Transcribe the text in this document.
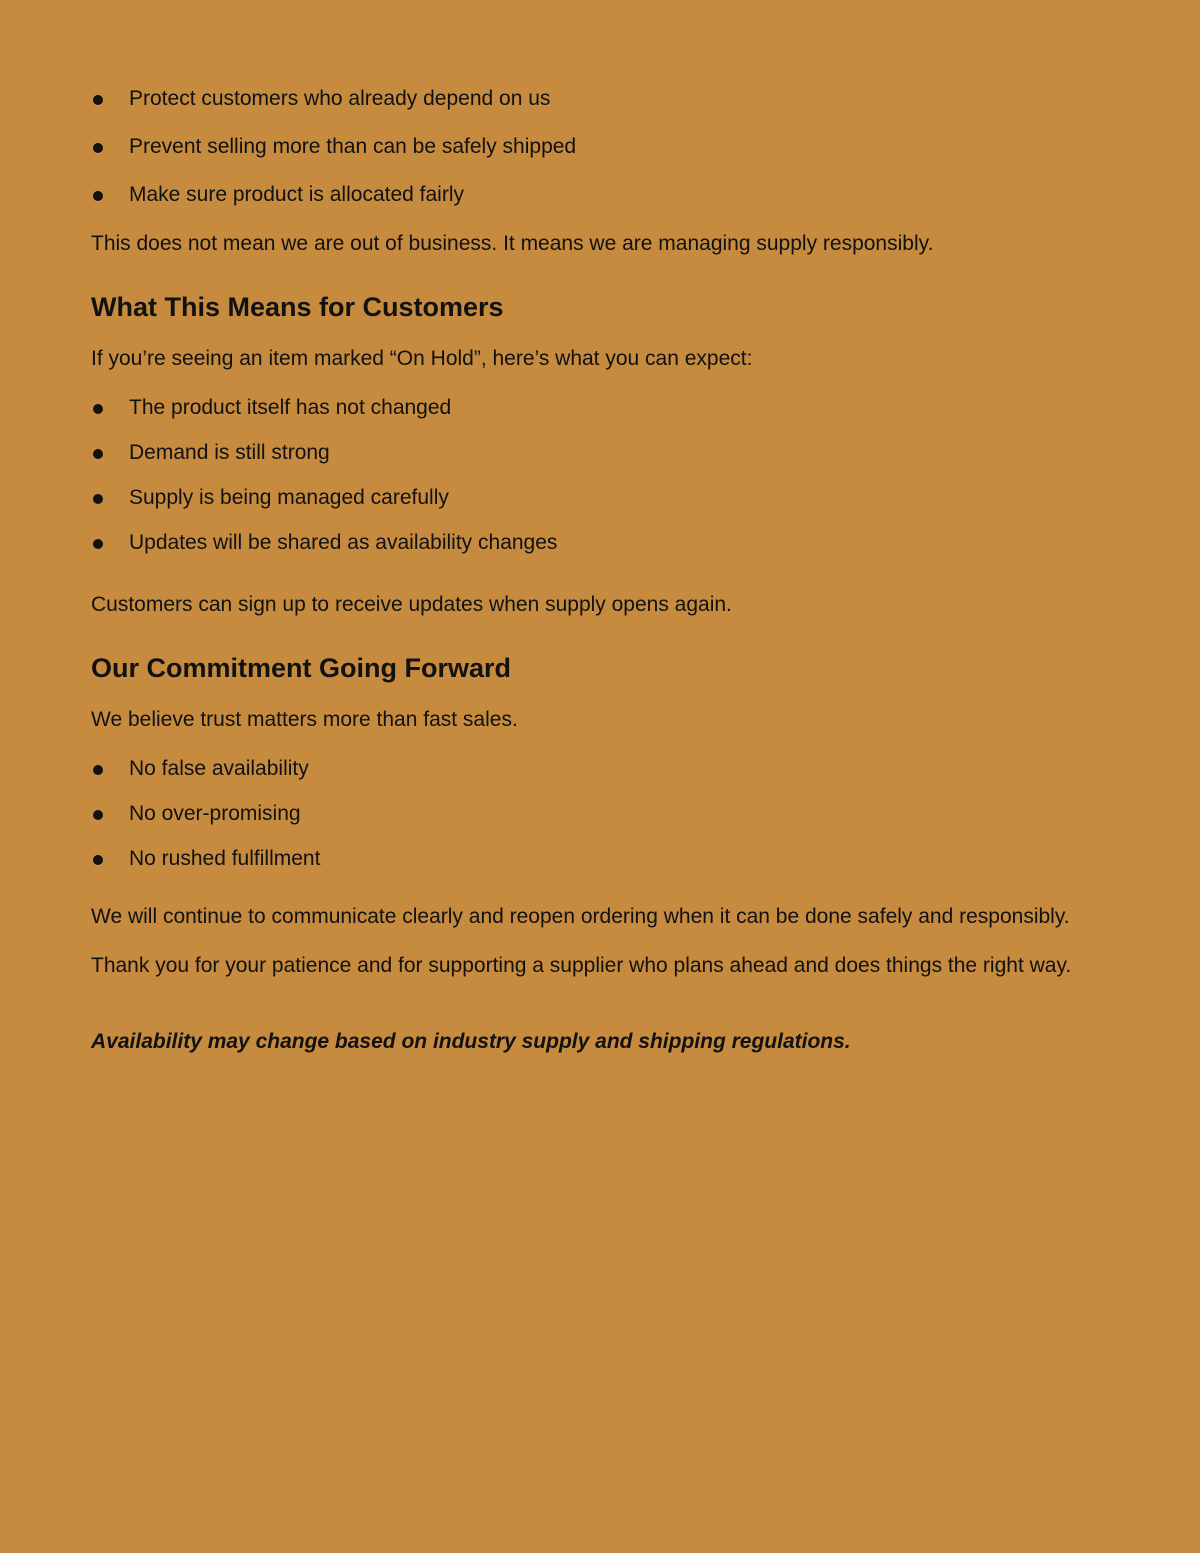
Protect customers who already depend on us
Prevent selling more than can be safely shipped
Make sure product is allocated fairly

This does not mean we are out of business. It means we are managing supply responsibly.

What This Means for Customers

If you’re seeing an item marked “On Hold”, here’s what you can expect:

The product itself has not changed
Demand is still strong
Supply is being managed carefully
Updates will be shared as availability changes

Customers can sign up to receive updates when supply opens again.

Our Commitment Going Forward

We believe trust matters more than fast sales.

No false availability
No over-promising
No rushed fulfillment

We will continue to communicate clearly and reopen ordering when it can be done safely and responsibly.

Thank you for your patience and for supporting a supplier who plans ahead and does things the right way.

Availability may change based on industry supply and shipping regulations.
